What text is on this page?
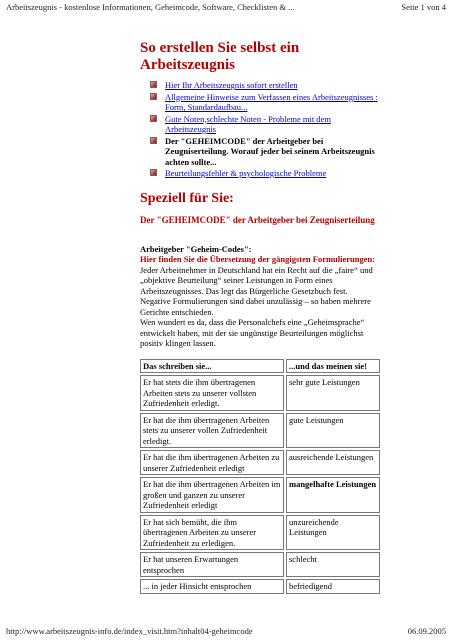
Arbeitszeugnis - kostenlose Informationen, Geheimcode, Software, Checklisten & ...	Seite 1 von 4
So erstellen Sie selbst ein Arbeitszeugnis
Hier Ihr Arbeitszeugnis sofort erstellen
Allgemeine Hinweise zum Verfassen eines Arbeitszeugnisses : Form, Standardaufbau...
Gute Noten,schlechte Noten - Probleme mit dem Arbeitszeugnis
Der "GEHEIMCODE" der Arbeitgeber bei Zeugniserteilung. Worauf jeder bei seinem Arbeitszeugnis achten sollte...
Beurteilungsfehler & psychologische Probleme
Speziell für Sie:
Der "GEHEIMCODE" der Arbeitgeber bei Zeugniserteilung
Arbeitgeber "Geheim-Codes":
Hier finden Sie die Übersetzung der gängigsten Formulierungen:
Jeder Arbeitnehmer in Deutschland hat ein Recht auf die „faire“ und „objektive Beurteilung“ seiner Leistungen in Form eines Arbeitszeugnisses. Das legt das Bürgerliche Gesetzbuch fest. Negative Formulierungen sind dabei unzulässig – so haben mehrere Gerichte entschieden.
Wen wundert es da, dass die Personalchefs eine „Geheimsprache“ entwickelt haben, mit der sie ungünstige Beurteilungen möglichst positiv klingen lassen.
Das schreiben sie...	...und das meinen sie!
Er hat stets die ihm übertragenen Arbeiten stets zu unserer vollsten Zufriedenheit erledigt.	sehr gute Leistungen
Er hat die ihm übertragenen Arbeiten stets zu unserer vollen Zufriedenheit erledigt.	gute Leistungen
Er hat die ihm übertragenen Arbeiten zu unserer Zufriedenheit erledigt	ausreichende Leistungen
Er hat die ihm übertragenen Arbeiten im großen und ganzen zu unserer Zufriedenheit erledigt	mangelhafte Leistungen
Er hat sich bemüht, die ihm übertragenen Arbeiten zu unserer Zufriedenheit zu erledigen.	unzureichende Leistungen
Er hat unseren Erwartungen entsprochen	schlecht
... in jeder Hinsicht entsprochen	befriedigend
http://www.arbeitszeugnis-info.de/index_visit.htm?inhalt04-geheimcode	06.09.2005
